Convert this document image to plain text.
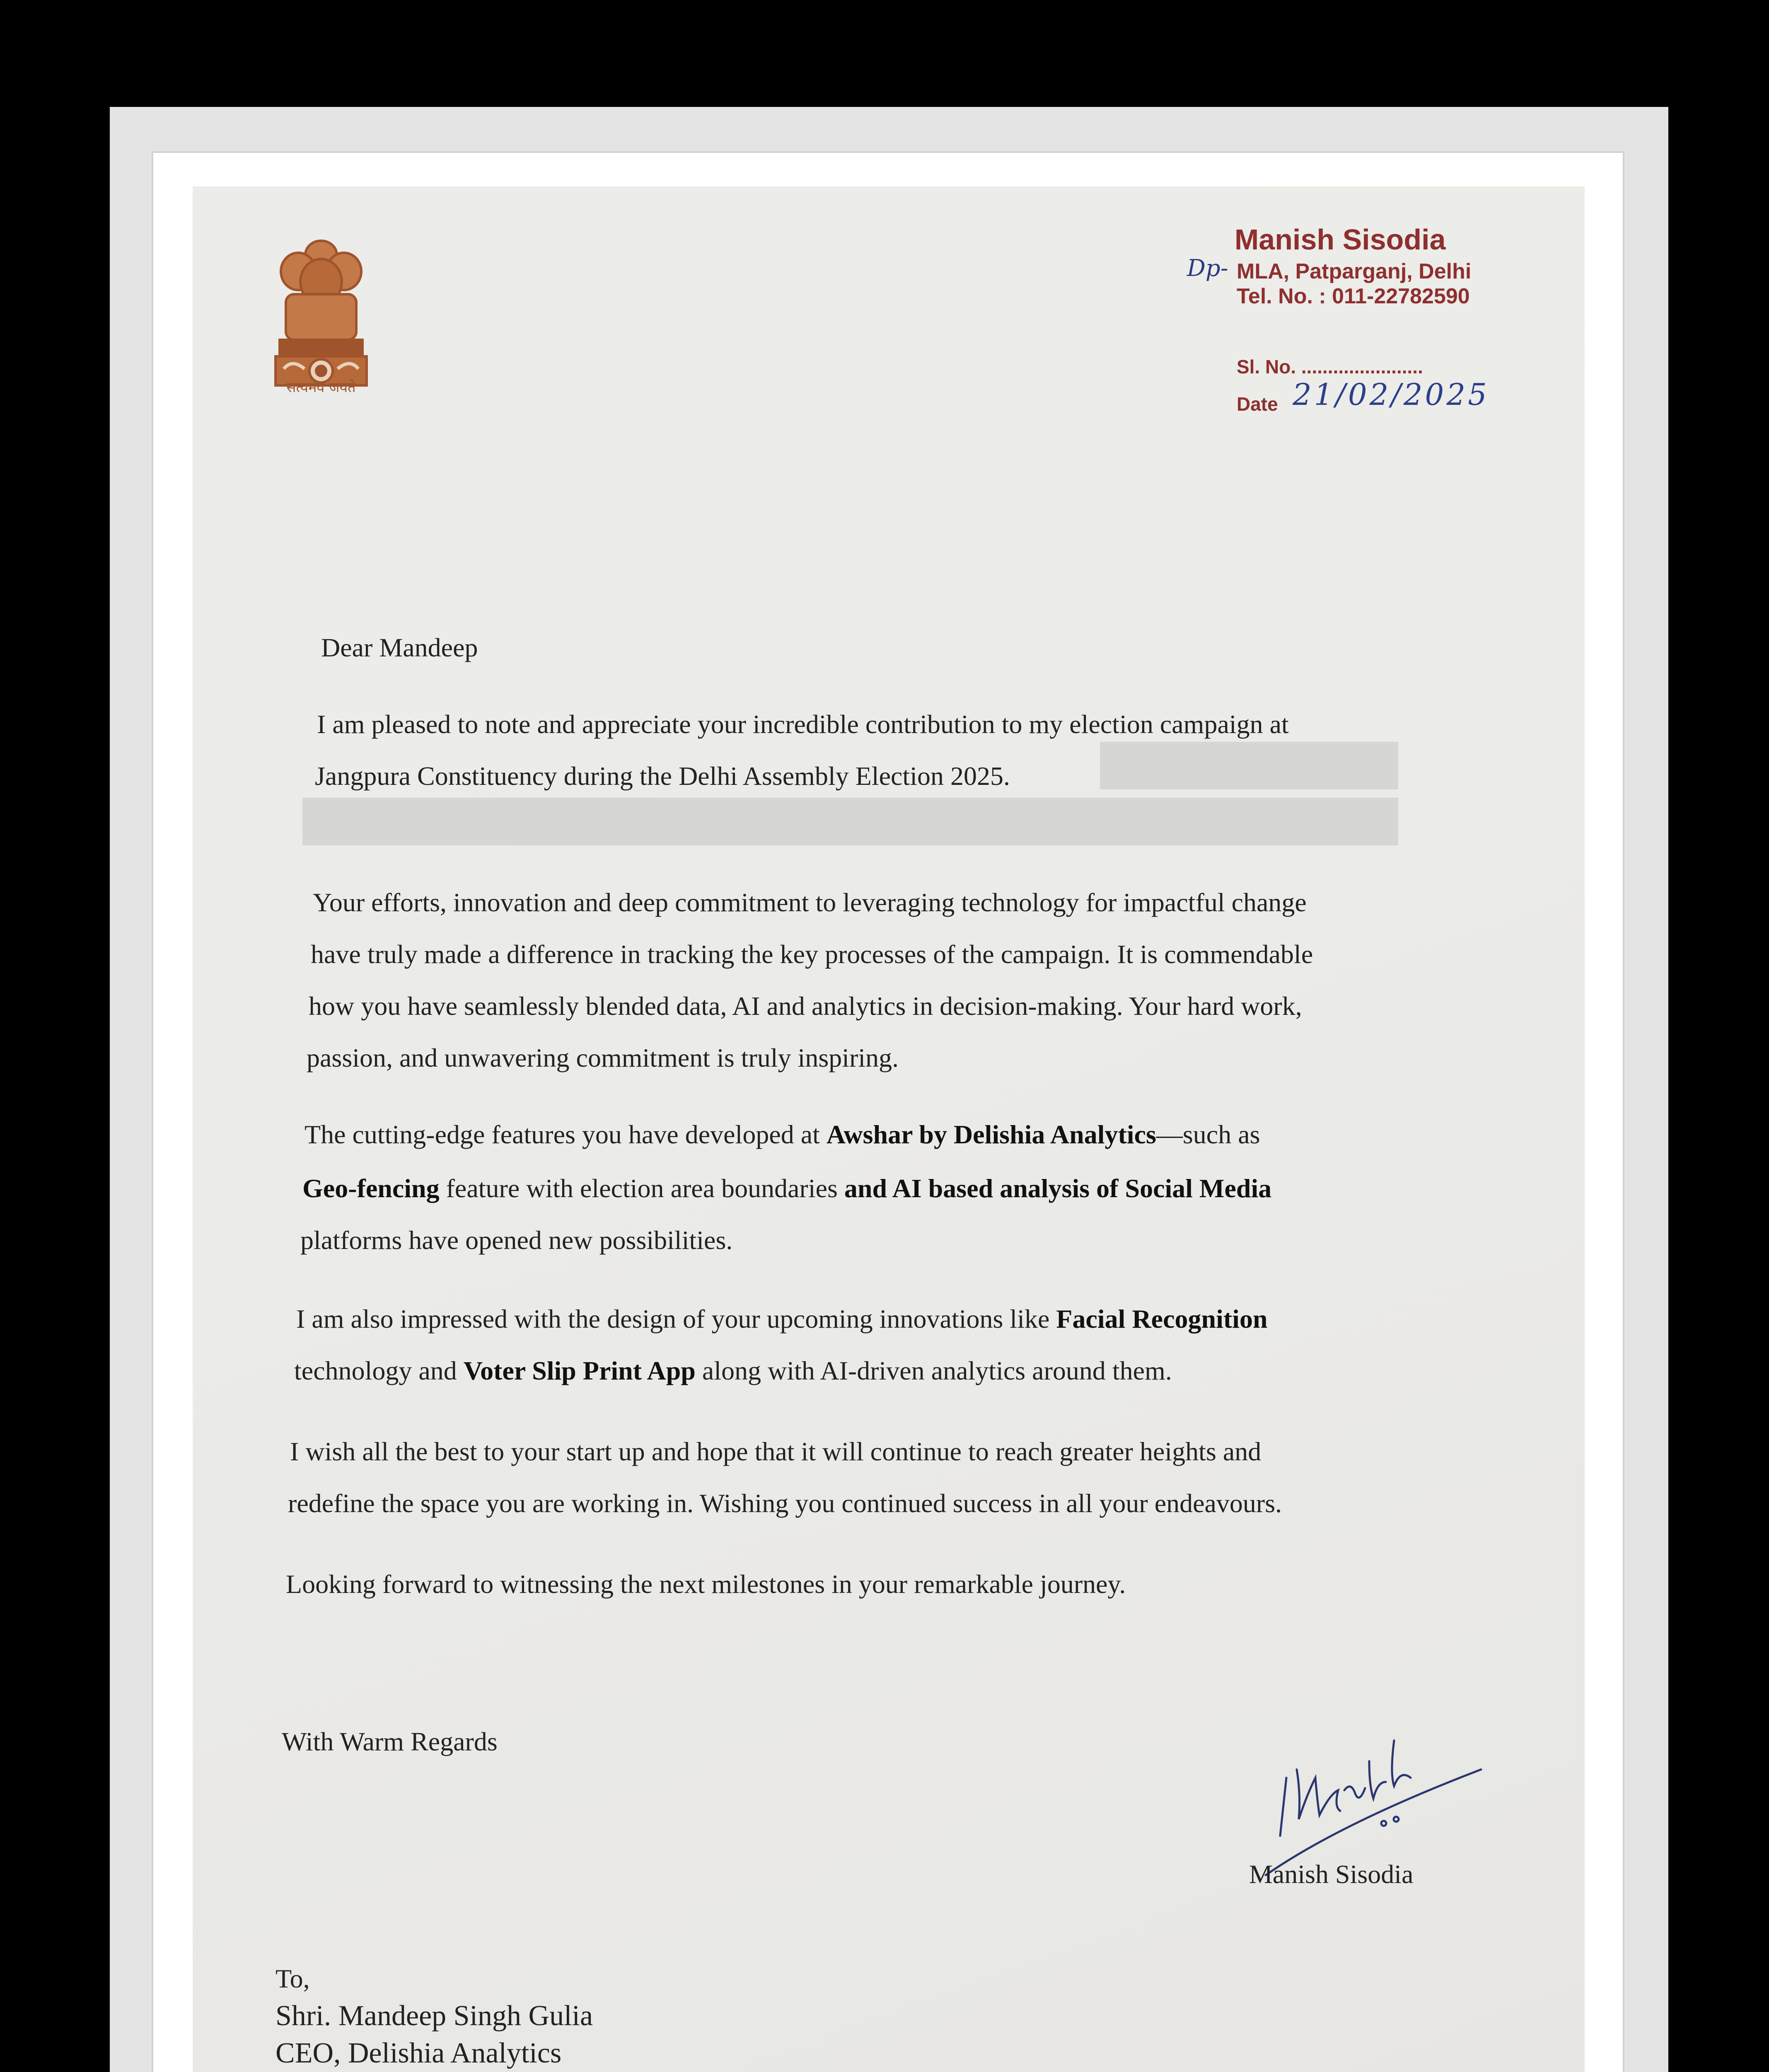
सत्यमेव जयते
Manish Sisodia
Dp- MLA, Patparganj, Delhi
Tel. No. : 011-22782590
Sl. No. .......................
Date 21/02/2025
Dear Mandeep
I am pleased to note and appreciate your incredible contribution to my election campaign at
Jangpura Constituency during the Delhi Assembly Election 2025.
Your efforts, innovation and deep commitment to leveraging technology for impactful change
have truly made a difference in tracking the key processes of the campaign. It is commendable
how you have seamlessly blended data, AI and analytics in decision-making. Your hard work,
passion, and unwavering commitment is truly inspiring.
The cutting-edge features you have developed at Awshar by Delishia Analytics—such as
Geo-fencing feature with election area boundaries and AI based analysis of Social Media
platforms have opened new possibilities.
I am also impressed with the design of your upcoming innovations like Facial Recognition
technology and Voter Slip Print App along with AI-driven analytics around them.
I wish all the best to your start up and hope that it will continue to reach greater heights and
redefine the space you are working in. Wishing you continued success in all your endeavours.
Looking forward to witnessing the next milestones in your remarkable journey.
With Warm Regards
Manish Sisodia
To,
Shri. Mandeep Singh Gulia
CEO, Delishia Analytics
